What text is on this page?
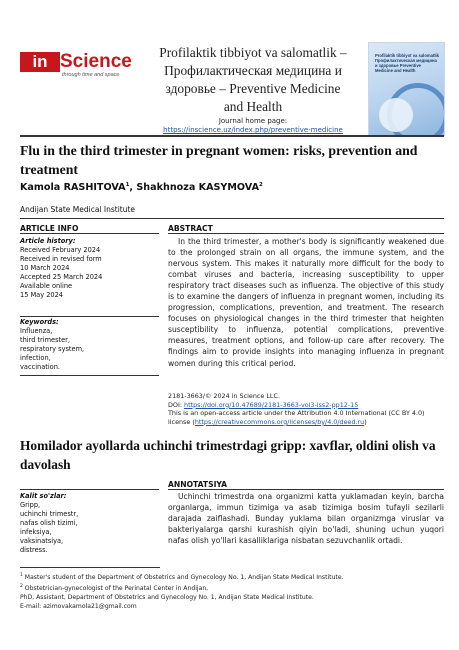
in Science
through time and space
Profilaktik tibbiyot va salomatlik –
Профилактическая медицина и
здоровье – Preventive Medicine
and Health
Journal home page:
https://inscience.uz/index.php/preventive-medicine
Profilaktik tibbiyot va salomatlik Профилактическая медицина и здоровье Preventive Medicine and Health
Flu in the third trimester in pregnant women: risks, prevention and treatment
Kamola RASHITOVA$^1$, Shakhnoza KASYMOVA$^2$
Andijan State Medical Institute
ARTICLE INFO
Article history:
Received February 2024
Received in revised form
10 March 2024
Accepted 25 March 2024
Available online
15 May 2024
Keywords:
Influenza,
third trimester,
respiratory system,
infection,
vaccination.
ABSTRACT
In the third trimester, a mother's body is significantly weakened due to the prolonged strain on all organs, the immune system, and the nervous system. This makes it naturally more difficult for the body to combat viruses and bacteria, increasing susceptibility to upper respiratory tract diseases such as influenza. The objective of this study is to examine the dangers of influenza in pregnant women, including its progression, complications, prevention, and treatment. The research focuses on physiological changes in the third trimester that heighten susceptibility to influenza, potential complications, preventive measures, treatment options, and follow-up care after recovery. The findings aim to provide insights into managing influenza in pregnant women during this critical period.
2181-3663/© 2024 in Science LLC.
DOI: https://doi.org/10.47689/2181-3663-vol3-iss2-pp12-15
This is an open-access article under the Attribution 4.0 International (CC BY 4.0) license (https://creativecommons.org/licenses/by/4.0/deed.ru)
Homilador ayollarda uchinchi trimestrdagi gripp: xavflar, oldini olish va davolash
ANNOTATSIYA
Kalit so'zlar:
Gripp,
uchinchi trimestr,
nafas olish tizimi,
infeksiya,
vaksinatsiya,
distress.
Uchinchi trimestrda ona organizmi katta yuklamadan keyin, barcha organlarga, immun tizimiga va asab tizimiga bosim tufayli sezilarli darajada zaiflashadi. Bunday yuklama bilan organizmga viruslar va bakteriyalarga qarshi kurashish qiyin bo'ladi, shuning uchun yuqori nafas olish yo'llari kasalliklariga nisbatan sezuvchanlik ortadi.
$^1$ Master's student of the Department of Obstetrics and Gynecology No. 1, Andijan State Medical Institute.
$^2$ Obstetrician-gynecologist of the Perinatal Center in Andijan,
PhD, Assistant, Department of Obstetrics and Gynecology No. 1, Andijan State Medical Institute.
E-mail: azimovakamola21@gmail.com
